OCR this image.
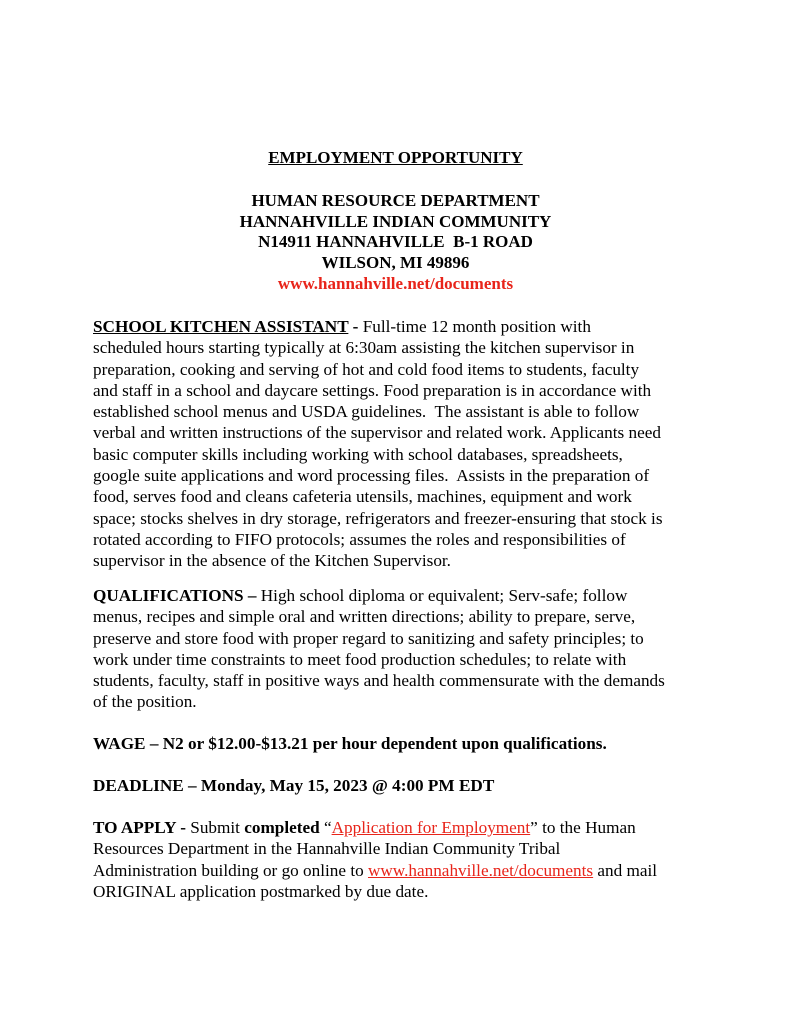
EMPLOYMENT OPPORTUNITY
HUMAN RESOURCE DEPARTMENT
HANNAHVILLE INDIAN COMMUNITY
N14911 HANNAHVILLE  B-1 ROAD
WILSON, MI 49896
www.hannahville.net/documents
SCHOOL KITCHEN ASSISTANT - Full-time 12 month position with
scheduled hours starting typically at 6:30am assisting the kitchen supervisor in
preparation, cooking and serving of hot and cold food items to students, faculty
and staff in a school and daycare settings. Food preparation is in accordance with
established school menus and USDA guidelines.  The assistant is able to follow
verbal and written instructions of the supervisor and related work. Applicants need
basic computer skills including working with school databases, spreadsheets,
google suite applications and word processing files.  Assists in the preparation of
food, serves food and cleans cafeteria utensils, machines, equipment and work
space; stocks shelves in dry storage, refrigerators and freezer-ensuring that stock is
rotated according to FIFO protocols; assumes the roles and responsibilities of
supervisor in the absence of the Kitchen Supervisor.
QUALIFICATIONS – High school diploma or equivalent; Serv-safe; follow
menus, recipes and simple oral and written directions; ability to prepare, serve,
preserve and store food with proper regard to sanitizing and safety principles; to
work under time constraints to meet food production schedules; to relate with
students, faculty, staff in positive ways and health commensurate with the demands
of the position.
WAGE – N2 or $12.00-$13.21 per hour dependent upon qualifications.
DEADLINE – Monday, May 15, 2023 @ 4:00 PM EDT
TO APPLY - Submit completed “Application for Employment” to the Human
Resources Department in the Hannahville Indian Community Tribal
Administration building or go online to www.hannahville.net/documents and mail
ORIGINAL application postmarked by due date.
